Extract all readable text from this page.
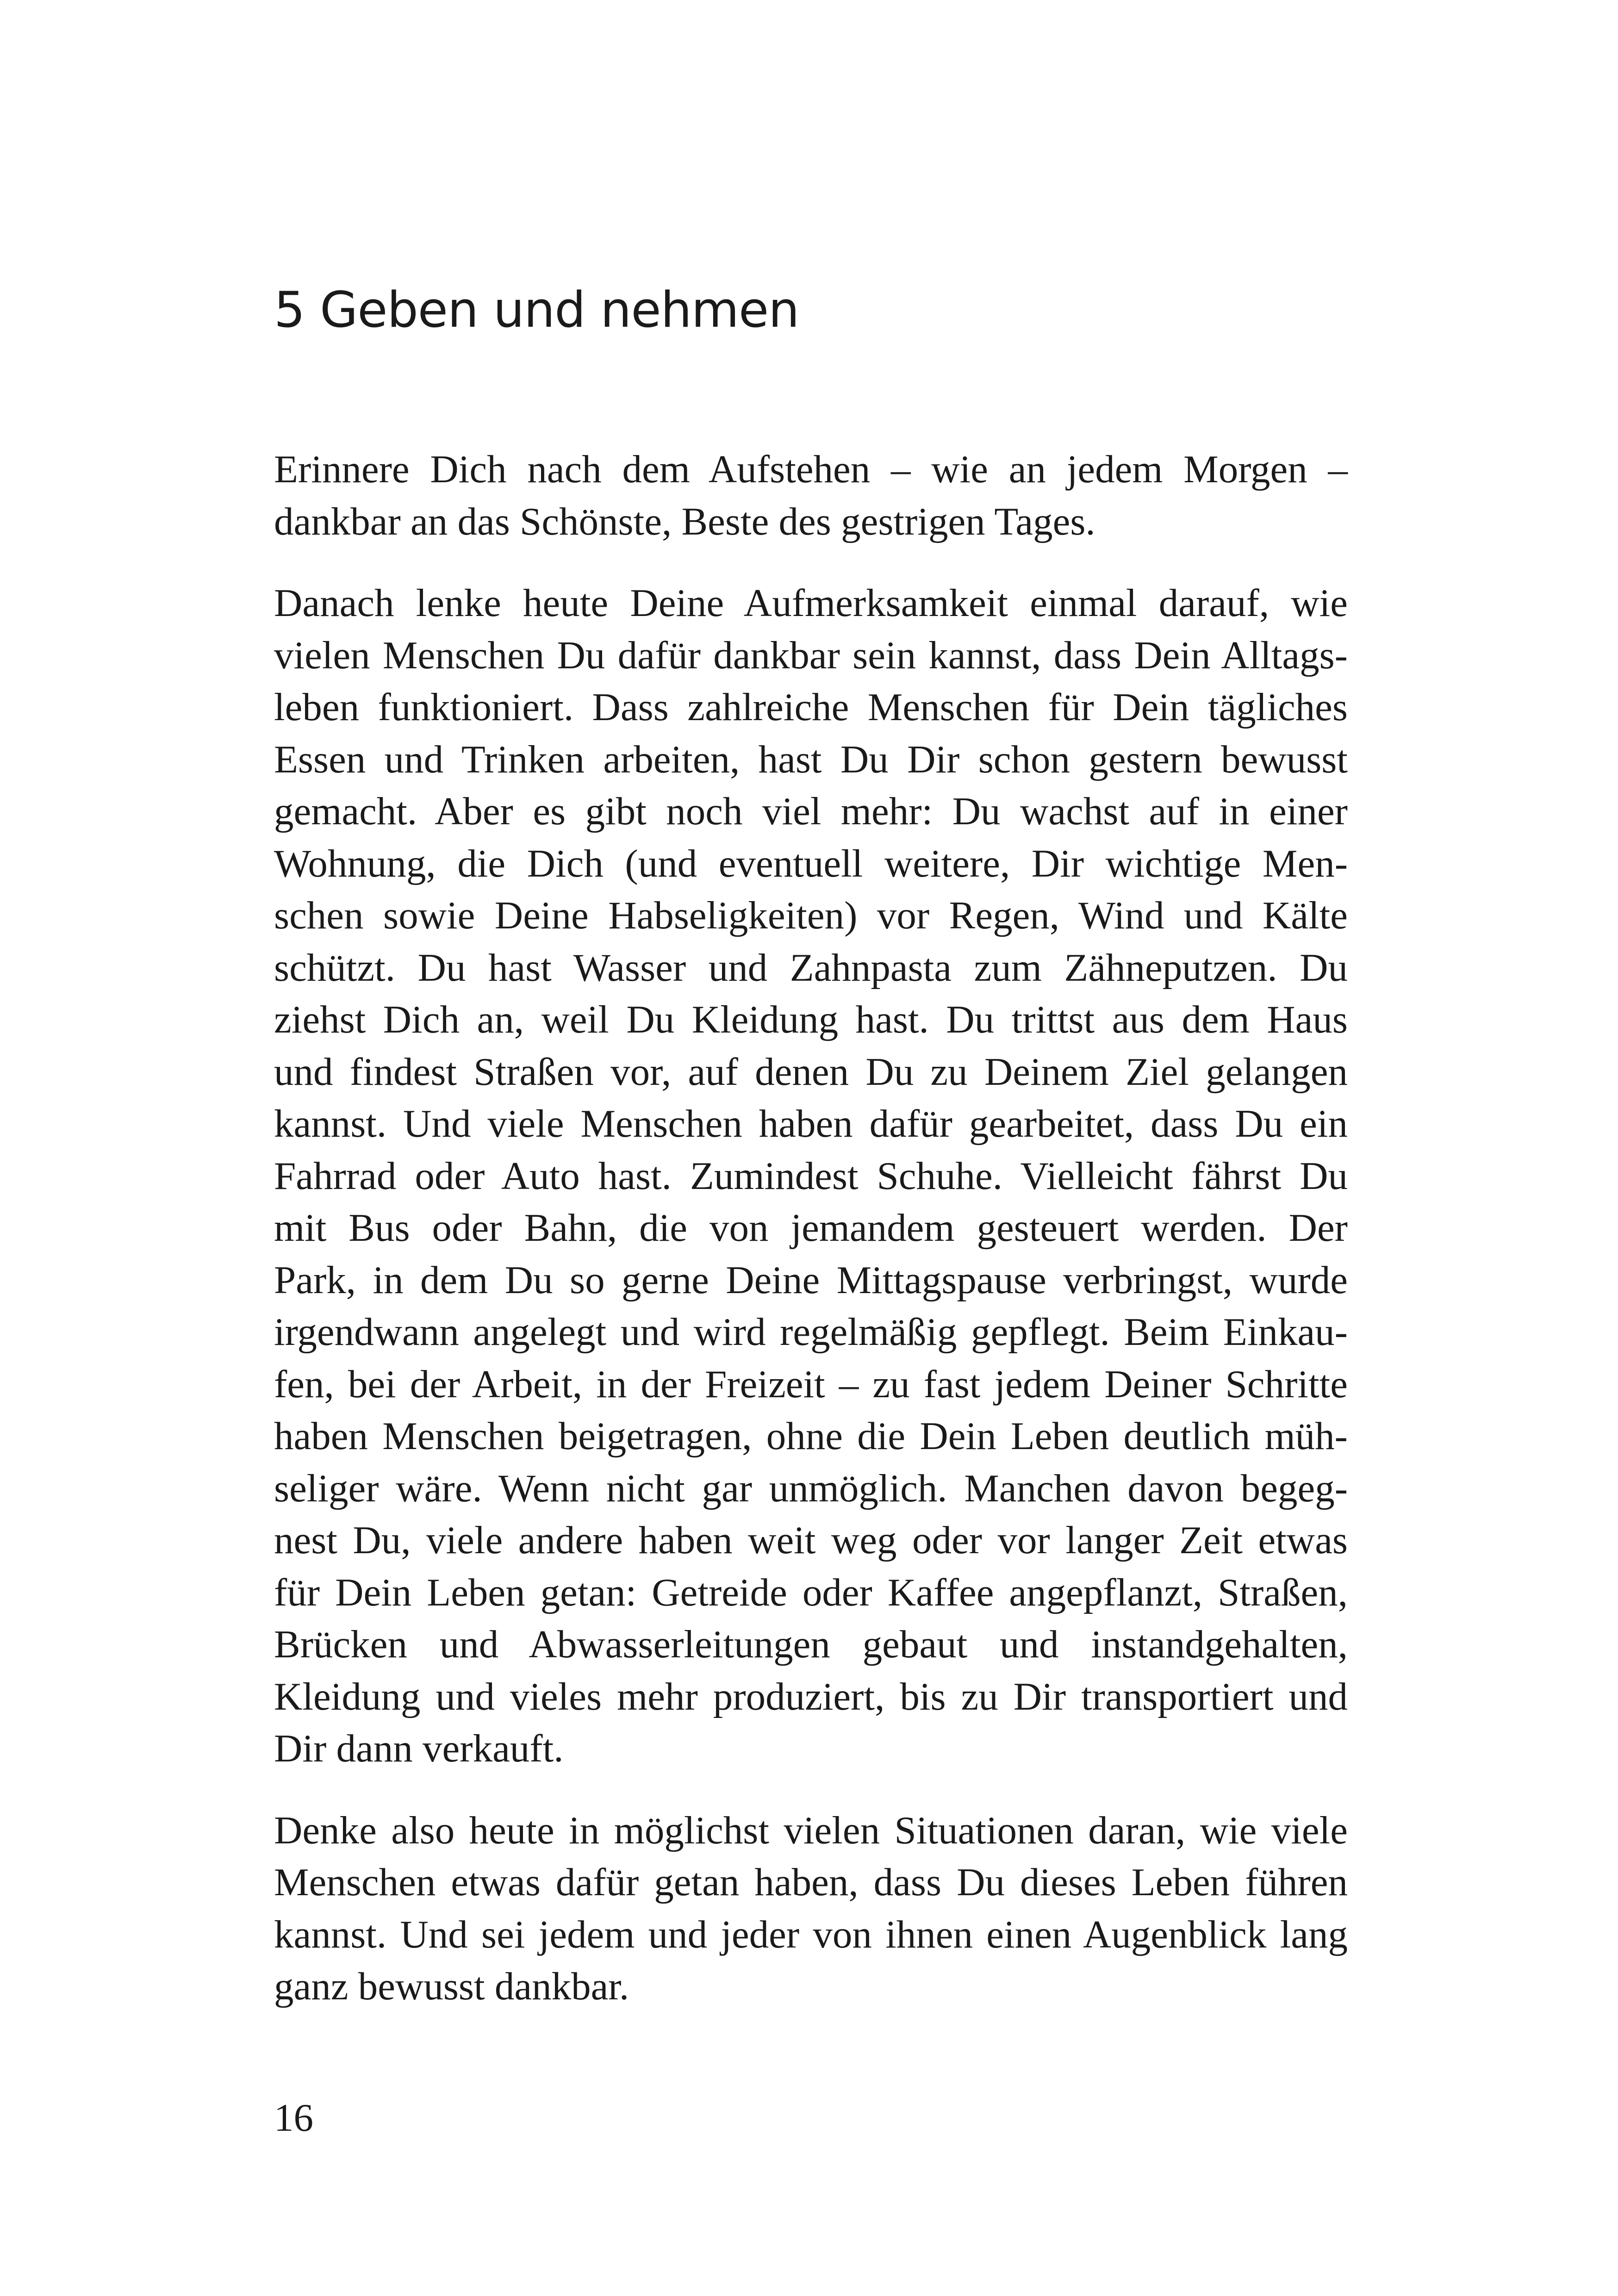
5 Geben und nehmen

Erinnere Dich nach dem Aufstehen – wie an jedem Morgen –
dankbar an das Schönste, Beste des gestrigen Tages.

Danach lenke heute Deine Aufmerksamkeit einmal darauf, wie
vielen Menschen Du dafür dankbar sein kannst, dass Dein Alltags-
leben funktioniert. Dass zahlreiche Menschen für Dein tägliches
Essen und Trinken arbeiten, hast Du Dir schon gestern bewusst
gemacht. Aber es gibt noch viel mehr: Du wachst auf in einer
Wohnung, die Dich (und eventuell weitere, Dir wichtige Men-
schen sowie Deine Habseligkeiten) vor Regen, Wind und Kälte
schützt. Du hast Wasser und Zahnpasta zum Zähneputzen. Du
ziehst Dich an, weil Du Kleidung hast. Du trittst aus dem Haus
und findest Straßen vor, auf denen Du zu Deinem Ziel gelangen
kannst. Und viele Menschen haben dafür gearbeitet, dass Du ein
Fahrrad oder Auto hast. Zumindest Schuhe. Vielleicht fährst Du
mit Bus oder Bahn, die von jemandem gesteuert werden. Der
Park, in dem Du so gerne Deine Mittagspause verbringst, wurde
irgendwann angelegt und wird regelmäßig gepflegt. Beim Einkau-
fen, bei der Arbeit, in der Freizeit – zu fast jedem Deiner Schritte
haben Menschen beigetragen, ohne die Dein Leben deutlich müh-
seliger wäre. Wenn nicht gar unmöglich. Manchen davon begeg-
nest Du, viele andere haben weit weg oder vor langer Zeit etwas
für Dein Leben getan: Getreide oder Kaffee angepflanzt, Straßen,
Brücken und Abwasserleitungen gebaut und instandgehalten,
Kleidung und vieles mehr produziert, bis zu Dir transportiert und
Dir dann verkauft.

Denke also heute in möglichst vielen Situationen daran, wie viele
Menschen etwas dafür getan haben, dass Du dieses Leben führen
kannst. Und sei jedem und jeder von ihnen einen Augenblick lang
ganz bewusst dankbar.

16
